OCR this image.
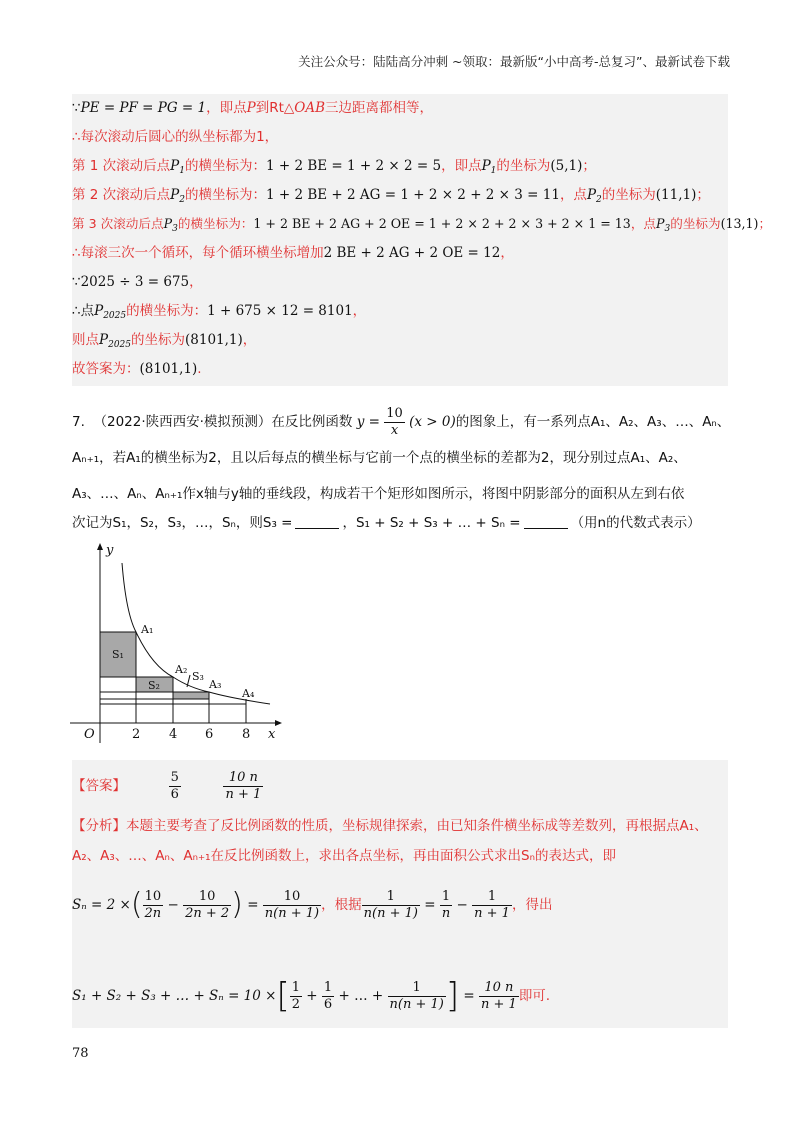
关注公众号：陆陆高分冲刺 ~领取：最新版“小中高考-总复习”、最新试卷下载
∵PE = PF = PG = 1，即点P到Rt△OAB三边距离都相等，
∴每次滚动后圆心的纵坐标都为1，
第 1 次滚动后点$P_1$的横坐标为：1 + 2 BE = 1 + 2 × 2 = 5，即点$P_1$的坐标为(5,1)；
第 2 次滚动后点$P_2$的横坐标为：1 + 2 BE + 2 AG = 1 + 2 × 2 + 2 × 3 = 11，点$P_2$的坐标为(11,1)；
第 3 次滚动后点$P_3$的横坐标为：1 + 2 BE + 2 AG + 2 OE = 1 + 2 × 2 + 2 × 3 + 2 × 1 = 13，点$P_3$的坐标为(13,1)；
∴每滚三次一个循环，每个循环横坐标增加2 BE + 2 AG + 2 OE = 12，
∵2025 ÷ 3 = 675，
∴点$P_{2025}$的横坐标为：1 + 675 × 12 = 8101，
则点$P_{2025}$的坐标为(8101,1)，
故答案为：(8101,1).
7. （2022·陕西西安·模拟预测）在反比例函数 $y = \frac{10}{x} (x > 0)$的图象上，有一系列点A₁、A₂、A₃、…、Aₙ、
Aₙ₊₁，若A₁的横坐标为2，且以后每点的横坐标与它前一个点的横坐标的差都为2，现分别过点A₁、A₂、
A₃、…、Aₙ、Aₙ₊₁作x轴与y轴的垂线段，构成若干个矩形如图所示，将图中阴影部分的面积从左到右依
次记为S₁，S₂，S₃，…，Sₙ，则S₃ =	，S₁ + S₂ + S₃ + … + Sₙ =	（用n的代数式表示）
y
x
O	2 4 6 8
A₁
A₂
A₃
A₄
S₁
S₂
S₃
【答案】	$\frac{5}{6}$
	$\frac{10 n}{n + 1}$
【分析】本题主要考查了反比例函数的性质，坐标规律探索，由已知条件横坐标成等差数列，再根据点A₁、
A₂、A₃、…、Aₙ、Aₙ₊₁在反比例函数上，求出各点坐标，再由面积公式求出Sₙ的表达式，即
Sₙ = 2 ×( $\frac{10}{2n} - \frac{10}{2n + 2}$ ) = $\frac{10}{n(n + 1)}$ ，根据 $\frac{1}{n(n + 1)} = \frac{1}{n} - \frac{1}{n + 1}$ ，得出
S₁ + S₂ + S₃ + … + Sₙ = 10 ×[ $\frac{1}{2} + \frac{1}{6}$ + … + $\frac{1}{n(n + 1)}$ ] = $\frac{10 n}{n + 1}$ 即可.
78
